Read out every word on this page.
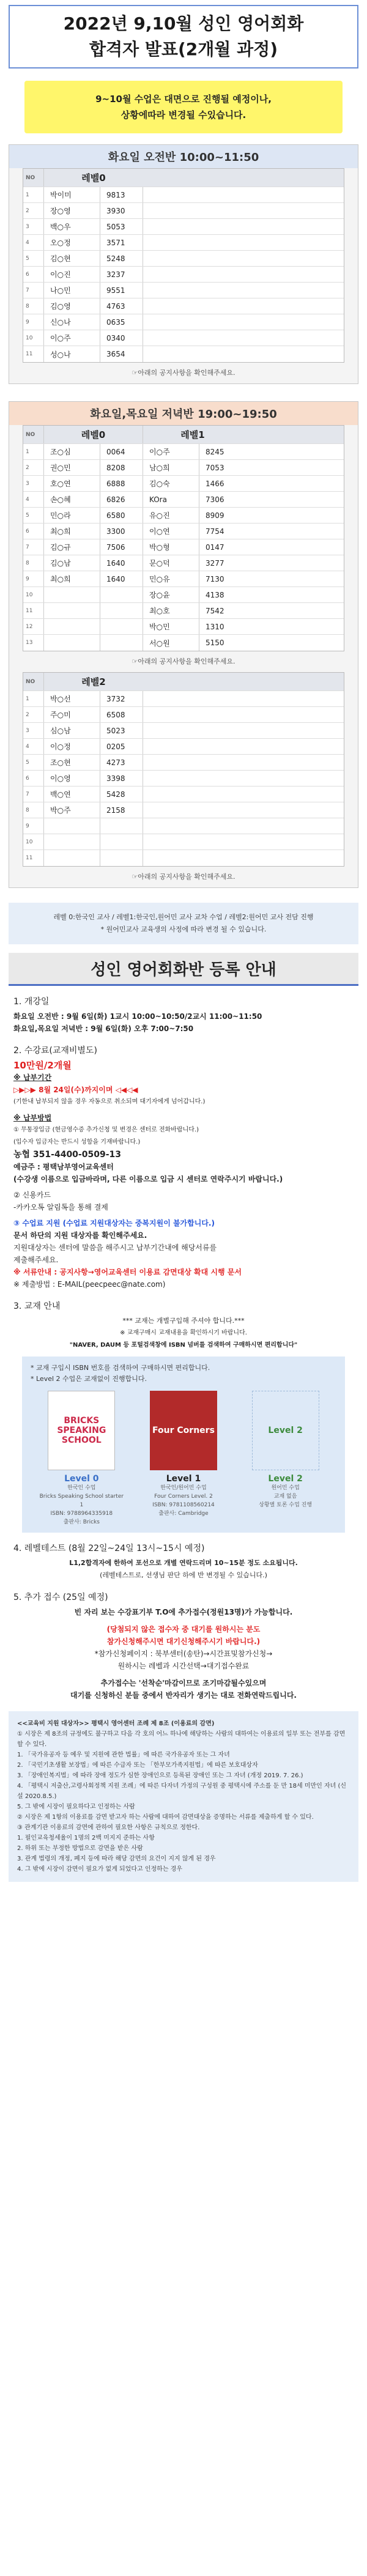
2022년 9,10월 성인 영어회화
합격자 발표(2개월 과정)
9~10월 수업은 대면으로 진행될 예정이나,
상황에따라 변경될 수있습니다.
화요일 오전반 10:00~11:50
NO	레벨0
1	박이미	9813
2	장○영	3930
3	백○우	5053
4	오○정	3571
5	김○현	5248
6	이○진	3237
7	나○민	9551
8	김○영	4763
9	신○나	0635
10	이○주	0340
11	성○나	3654
☞아래의 공지사항을 확인해주세요.
화요일,목요일 저녁반 19:00~19:50
NO	레벨0	레벨1
1	조○심	0064	이○주	8245
2	권○민	8208	남○희	7053
3	호○연	6888	김○숙	1466
4	손○혜	6826	KOra	7306
5	민○라	6580	유○진	8909
6	최○희	3300	이○연	7754
7	김○규	7506	박○형	0147
8	김○남	1640	문○덕	3277
9	최○희	1640	민○유	7130
10	장○윤	4138
11	최○호	7542
12	박○민	1310
13	서○원	5150
☞아래의 공지사항을 확인해주세요.
NO	레벨2
1	박○선	3732
2	주○미	6508
3	심○남	5023
4	이○정	0205
5	조○현	4273
6	이○영	3398
7	백○연	5428
8	박○주	2158
9
10
11
☞아래의 공지사항을 확인해주세요.
레벨 0:한국인 교사 / 레벨1:한국인,원어민 교사 교차 수업 / 레벨2:원어민 교사 전담 진행
* 원어민교사 교육생의 사정에 따라 변경 될 수 있습니다.
성인 영어회화반 등록 안내
1. 개강일
화요일 오전반 : 9월 6일(화) 1교시 10:00~10:50/2교시 11:00~11:50
화요일,목요일 저녁반 : 9월 6일(화) 오후 7:00~7:50
2. 수강료(교재비별도)
10만원/2개월
※ 납부기간
▷▶▷▶ 8월 24일(수)까지이며 ◁◀◁◀
(기한내 납부되지 않을 경우 자동으로 취소되며 대기자에게 넘어갑니다.)
※ 납부방법
① 무통장입금 (현금영수증 추가신청 및 변경은 센터로 전화바랍니다.)
(입수자 입금자는 반드시 성함을 기재바랍니다.)
농협 351-4400-0509-13
예금주 : 평택남부영어교육센터
(수강생 이름으로 입금바라며, 다른 이름으로 입금 시 센터로 연락주시기 바랍니다.)
② 신용카드
-카카오톡 알림톡을 통해 결제
③ 수업료 지원 (수업료 지원대상자는 중복지원이 불가합니다.)
문서 하단의 지원 대상자를 확인해주세요.
지원대상자는 센터에 말씀을 해주시고 납부기간내에 해당서류를
제출해주세요.
※ 서류안내 : 공지사항→영어교육센터 이용료 감면대상 확대 시행 문서
※ 제출방법 : E-MAIL(peecpeec@nate.com)
3. 교재 안내
*** 교재는 개별구입해 주셔야 합니다.***
※ 교재구매시 교재내용을 확인하시기 바랍니다.
"NAVER, DAUM 등 포털검색창에 ISBN 넘버를 검색하여 구매하시면 편리합니다"
* 교재 구입시 ISBN 번호를 검색하여 구매하시면 편리합니다.
* Level 2 수업은 교재없이 진행합니다.
BRICKS SPEAKING SCHOOL
Level 0
한국인 수업
Bricks Speaking School starter 1
ISBN: 9788964335918
출판사: Bricks
Four Corners
Level 1
한국인/원어민 수업
Four Corners Level. 2
ISBN: 9781108560214
출판사: Cambridge
Level 2
Level 2
원어민 수업
교재 없음
상황별 토론 수업 진행
4. 레벨테스트 (8월 22일~24일 13시~15시 예정)
L1,2합격자에 한하여 포선으로 개별 연락드리며 10~15분 정도 소요됩니다.
(레벨테스트로, 선생님 판단 하에 반 변경될 수 있습니다.)
5. 추가 접수 (25일 예정)
빈 자리 보는 수강표기부 T.O에 추가접수(정원13명)가 가능합니다.
(당첨되지 않은 접수자 중 대기를 원하시는 분도
참가신청해주시면 대기신청해주시기 바랍니다.)
*참가신청페이지 : 북부센터(송탄)→시간표및참가신청→
원하시는 레벨과 시간선택→대기접수완료
추가접수는 '선착순'마감이므로 조기마감될수있으며
대기를 신청하신 분들 중에서 반자리가 생기는 대로 전화연락드립니다.
<<교육비 지원 대상자>> 평택시 영어센터 조례 제 8조 (이용료의 감면)
① 시장은 제 8조의 규정에도 불구하고 다음 각 호의 어느 하나에 해당하는 사람의 대하여는 이용료의 일부 또는 전부를 감면할 수 있다.
1. 「국가유공자 등 예우 및 지원에 관한 법률」에 따른 국가유공자 또는 그 자녀
2. 「국민기초생활 보장법」에 따른 수급자 또는 「한부모가족지원법」에 따른 보호대상자
3. 「장애인복지법」에 따라 장애 정도가 심한 장애인으로 등록된 장애인 또는 그 자녀 (개정 2019. 7. 26.)
4. 「평택시 저출산,고령사회정책 지원 조례」에 따른 다자녀 가정의 구성원 중 평택시에 주소를 둔 만 18세 미만인 자녀 (신설 2020.8.5.)
5. 그 밖에 시장이 필요하다고 인정하는 사람
② 시장은 제 1항의 이용료를 감면 받고자 하는 사람에 대하여 감면대상을 증명하는 서류를 제출하게 할 수 있다.
③ 관계기관 이용료의 감면에 관하여 필요한 사항은 규칙으로 정한다.
1. 필인교육청세율이 1명의 2백 미지지 준하는 사항
2. 하위 또는 부정한 방법으로 감면을 받은 사람
3. 관계 법령의 개정, 폐지 등에 따라 해당 감면의 요건이 지지 않게 된 경우
4. 그 밖에 시장이 감면이 필요가 없게 되었다고 인정하는 경우
